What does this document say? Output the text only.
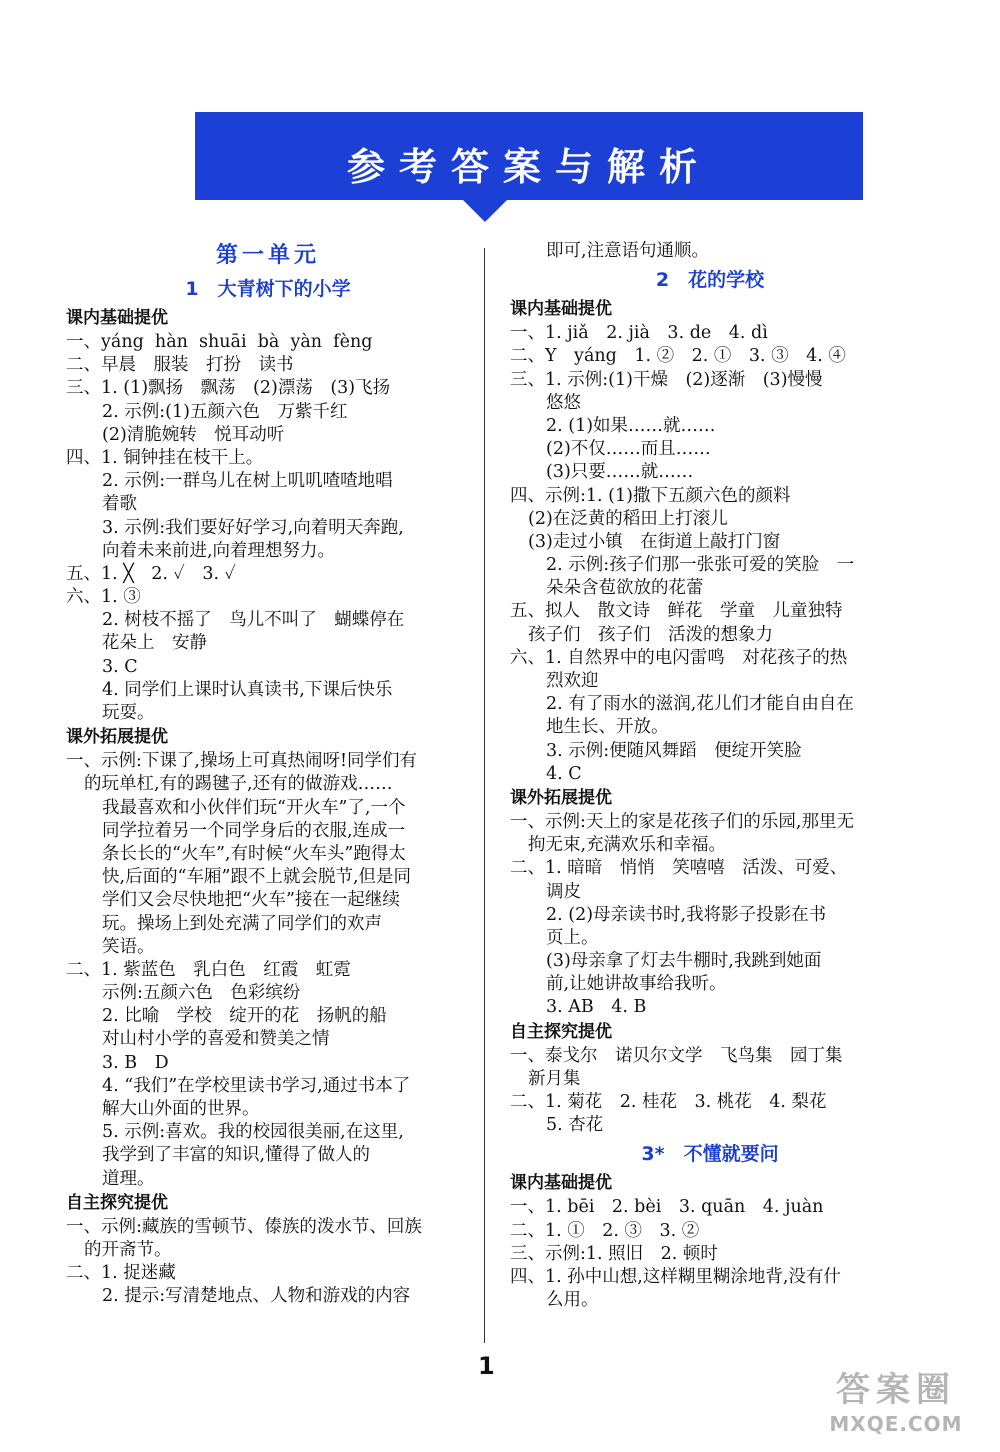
参考答案与解析
第一单元
1　大青树下的小学
课内基础提优
一、yáng  hàn  shuāi  bà  yàn  fèng
二、早晨　服装　打扮　读书
三、1. (1)飘扬　飘荡　(2)漂荡　(3)飞扬
2. 示例:(1)五颜六色　万紫千红
(2)清脆婉转　悦耳动听
四、1. 铜钟挂在枝干上。
2. 示例:一群鸟儿在树上叽叽喳喳地唱
着歌
3. 示例:我们要好好学习,向着明天奔跑,
向着未来前进,向着理想努力。
五、1. ╳　2. ✓　3. ✓
六、1. ③
2. 树枝不摇了　鸟儿不叫了　蝴蝶停在
花朵上　安静
3. C
4. 同学们上课时认真读书,下课后快乐
玩耍。
课外拓展提优
一、示例:下课了,操场上可真热闹呀!同学们有
的玩单杠,有的踢毽子,还有的做游戏……
我最喜欢和小伙伴们玩“开火车”了,一个
同学拉着另一个同学身后的衣服,连成一
条长长的“火车”,有时候“火车头”跑得太
快,后面的“车厢”跟不上就会脱节,但是同
学们又会尽快地把“火车”接在一起继续
玩。操场上到处充满了同学们的欢声
笑语。
二、1. 紫蓝色　乳白色　红霞　虹霓
示例:五颜六色　色彩缤纷
2. 比喻　学校　绽开的花　扬帆的船
对山村小学的喜爱和赞美之情
3. B　D
4. “我们”在学校里读书学习,通过书本了
解大山外面的世界。
5. 示例:喜欢。我的校园很美丽,在这里,
我学到了丰富的知识,懂得了做人的
道理。
自主探究提优
一、示例:藏族的雪顿节、傣族的泼水节、回族
的开斋节。
二、1. 捉迷藏
2. 提示:写清楚地点、人物和游戏的内容
即可,注意语句通顺。
2　花的学校
课内基础提优
一、1. jiǎ　2. jià　3. de　4. dì
二、Y　yáng　1. ②　2. ①　3. ③　4. ④
三、1. 示例:(1)干燥　(2)逐渐　(3)慢慢
悠悠
2. (1)如果……就……
(2)不仅……而且……
(3)只要……就……
四、示例:1. (1)撒下五颜六色的颜料
(2)在泛黄的稻田上打滚儿
(3)走过小镇　在街道上敲打门窗
2. 示例:孩子们那一张张可爱的笑脸　一
朵朵含苞欲放的花蕾
五、拟人　散文诗　鲜花　学童　儿童独特
孩子们　孩子们　活泼的想象力
六、1. 自然界中的电闪雷鸣　对花孩子的热
烈欢迎
2. 有了雨水的滋润,花儿们才能自由自在
地生长、开放。
3. 示例:便随风舞蹈　便绽开笑脸
4. C
课外拓展提优
一、示例:天上的家是花孩子们的乐园,那里无
拘无束,充满欢乐和幸福。
二、1. 暗暗　悄悄　笑嘻嘻　活泼、可爱、
调皮
2. (2)母亲读书时,我将影子投影在书
页上。
(3)母亲拿了灯去牛棚时,我跳到她面
前,让她讲故事给我听。
3. AB　4. B
自主探究提优
一、泰戈尔　诺贝尔文学　飞鸟集　园丁集
新月集
二、1. 菊花　2. 桂花　3. 桃花　4. 梨花
5. 杏花
3*　不懂就要问
课内基础提优
一、1. bēi　2. bèi　3. quān　4. juàn
二、1. ①　2. ③　3. ②
三、示例:1. 照旧　2. 顿时
四、1. 孙中山想,这样糊里糊涂地背,没有什
么用。
1
答案圈
MXQE.COM
